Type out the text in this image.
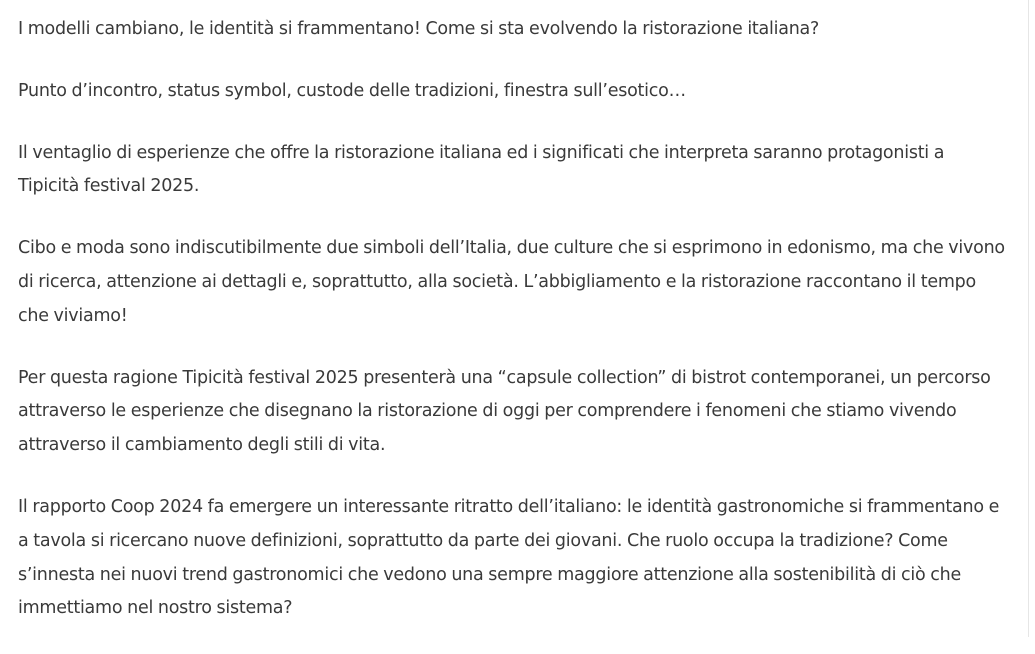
I modelli cambiano, le identità si frammentano! Come si sta evolvendo la ristorazione italiana?

Punto d’incontro, status symbol, custode delle tradizioni, finestra sull’esotico…

Il ventaglio di esperienze che offre la ristorazione italiana ed i significati che interpreta saranno protagonisti a Tipicità festival 2025.

Cibo e moda sono indiscutibilmente due simboli dell’Italia, due culture che si esprimono in edonismo, ma che vivono di ricerca, attenzione ai dettagli e, soprattutto, alla società. L’abbigliamento e la ristorazione raccontano il tempo che viviamo!

Per questa ragione Tipicità festival 2025 presenterà una “capsule collection” di bistrot contemporanei, un percorso attraverso le esperienze che disegnano la ristorazione di oggi per comprendere i fenomeni che stiamo vivendo attraverso il cambiamento degli stili di vita.

Il rapporto Coop 2024 fa emergere un interessante ritratto dell’italiano: le identità gastronomiche si frammentano e a tavola si ricercano nuove definizioni, soprattutto da parte dei giovani. Che ruolo occupa la tradizione? Come s’innesta nei nuovi trend gastronomici che vedono una sempre maggiore attenzione alla sostenibilità di ciò che immettiamo nel nostro sistema?
